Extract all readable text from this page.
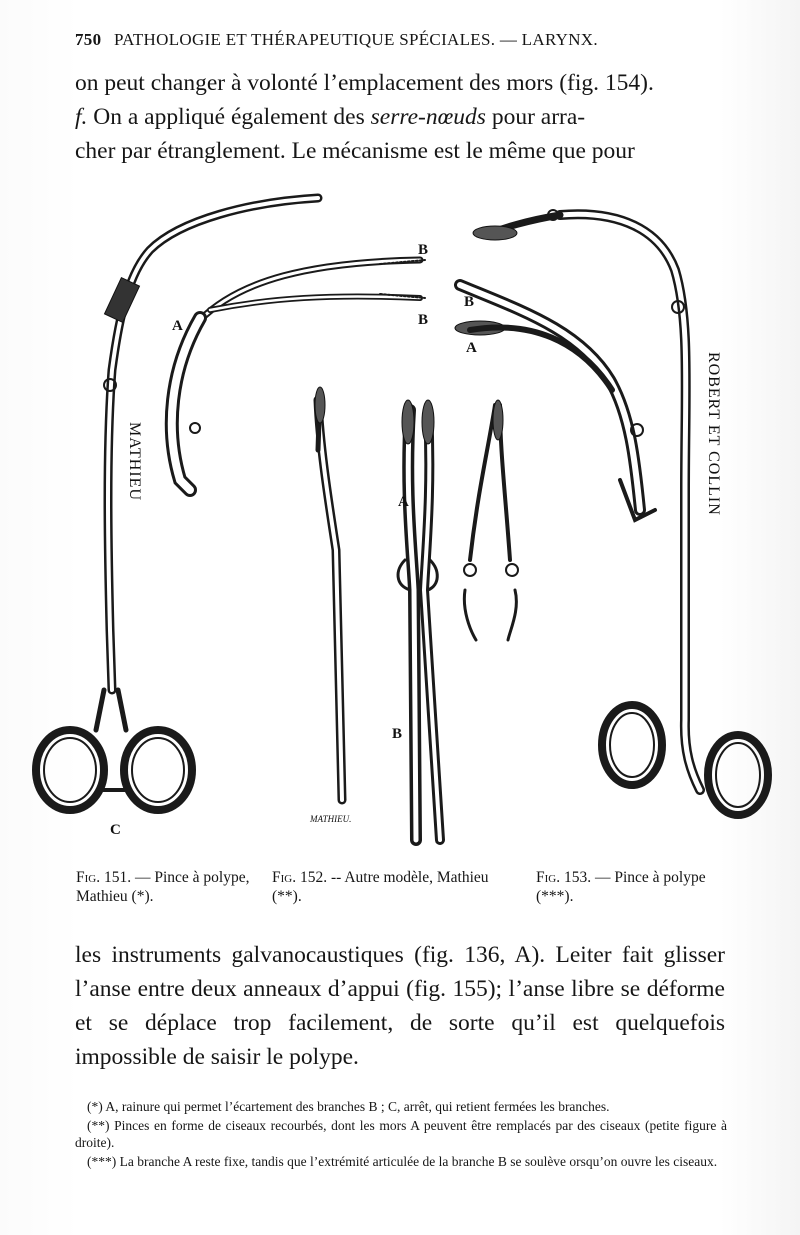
750 PATHOLOGIE ET THÉRAPEUTIQUE SPÉCIALES. — LARYNX.
on peut changer à volonté l’emplacement des mors (fig. 154).
f. On a appliqué également des serre-nœuds pour arra-
cher par étranglement. Le mécanisme est le même que pour
A
C
B
B
B
A
A
B
MATHIEU
MATHIEU.
ROBERT ET COLLIN
Fig. 151. — Pince à polype, Mathieu (*).
Fig. 152. -- Autre modèle, Mathieu (**).
Fig. 153. — Pince à polype (***).
les instruments galvanocaustiques (fig. 136, A). Leiter fait glisser l’anse entre deux anneaux d’appui (fig. 155); l’anse libre se déforme et se déplace trop facilement, de sorte qu’il est quelquefois impossible de saisir le polype.

(*) A, rainure qui permet l’écartement des branches B ; C, arrêt, qui retient fermées les branches.

(**) Pinces en forme de ciseaux recourbés, dont les mors A peuvent être remplacés par des ciseaux (petite figure à droite).

(***) La branche A reste fixe, tandis que l’extrémité articulée de la branche B se soulève orsqu’on ouvre les ciseaux.
